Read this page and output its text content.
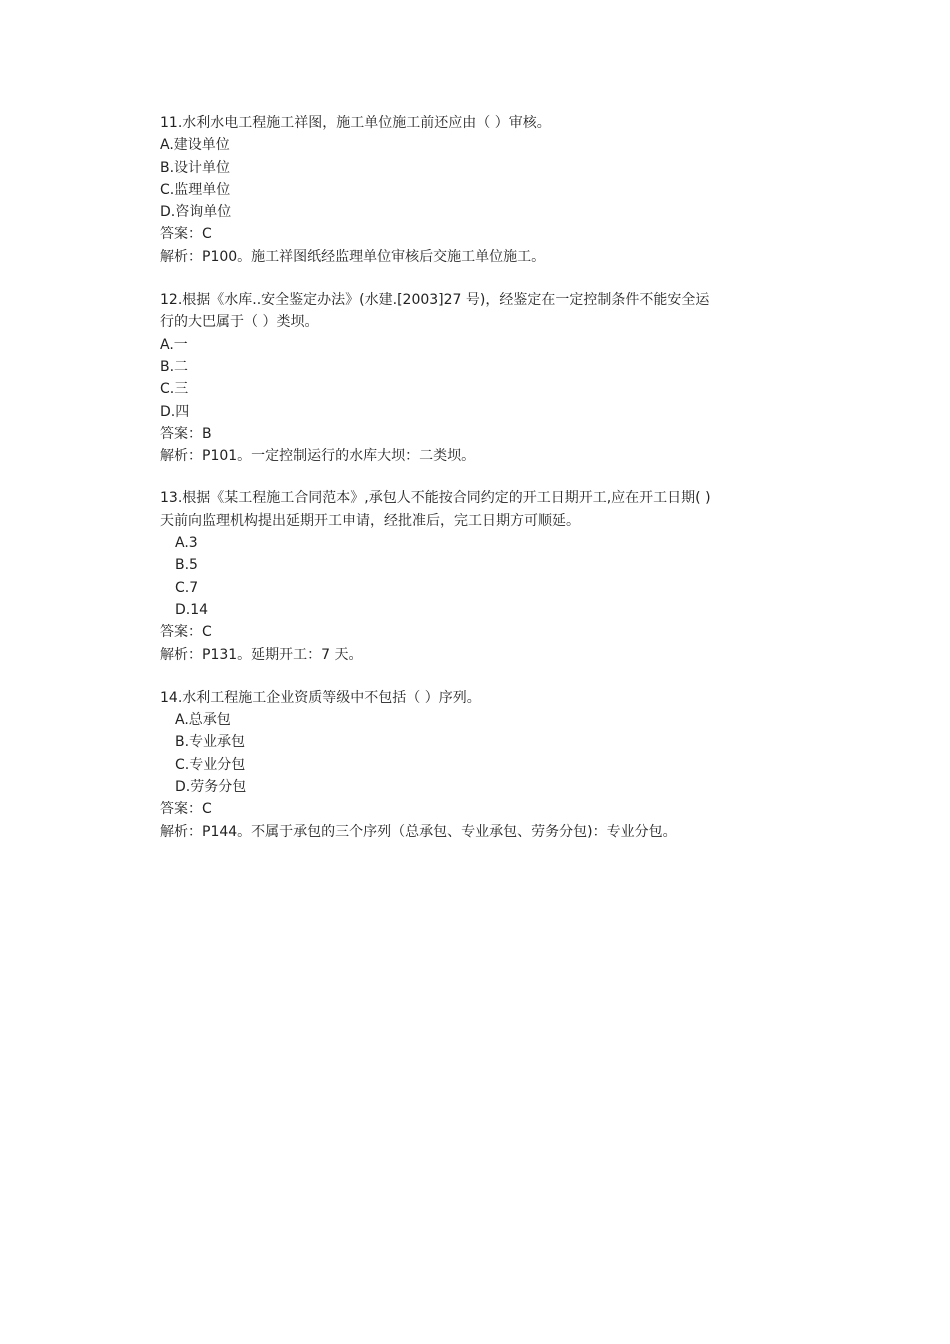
11.水利水电工程施工祥图，施工单位施工前还应由（ ）审核。
A.建设单位
B.设计单位
C.监理单位
D.咨询单位
答案：C
解析：P100。施工祥图纸经监理单位审核后交施工单位施工。
12.根据《水库..安全鉴定办法》(水建.[2003]27 号)，经鉴定在一定控制条件不能安全运
行的大巴属于（ ）类坝。
A.一
B.二
C.三
D.四
答案：B
解析：P101。一定控制运行的水库大坝：二类坝。
13.根据《某工程施工合同范本》,承包人不能按合同约定的开工日期开工,应在开工日期( )
天前向监理机构提出延期开工申请，经批准后，完工日期方可顺延。
A.3
B.5
C.7
D.14
答案：C
解析：P131。延期开工：7 天。
14.水利工程施工企业资质等级中不包括（ ）序列。
A.总承包
B.专业承包
C.专业分包
D.劳务分包
答案：C
解析：P144。不属于承包的三个序列（总承包、专业承包、劳务分包)：专业分包。
